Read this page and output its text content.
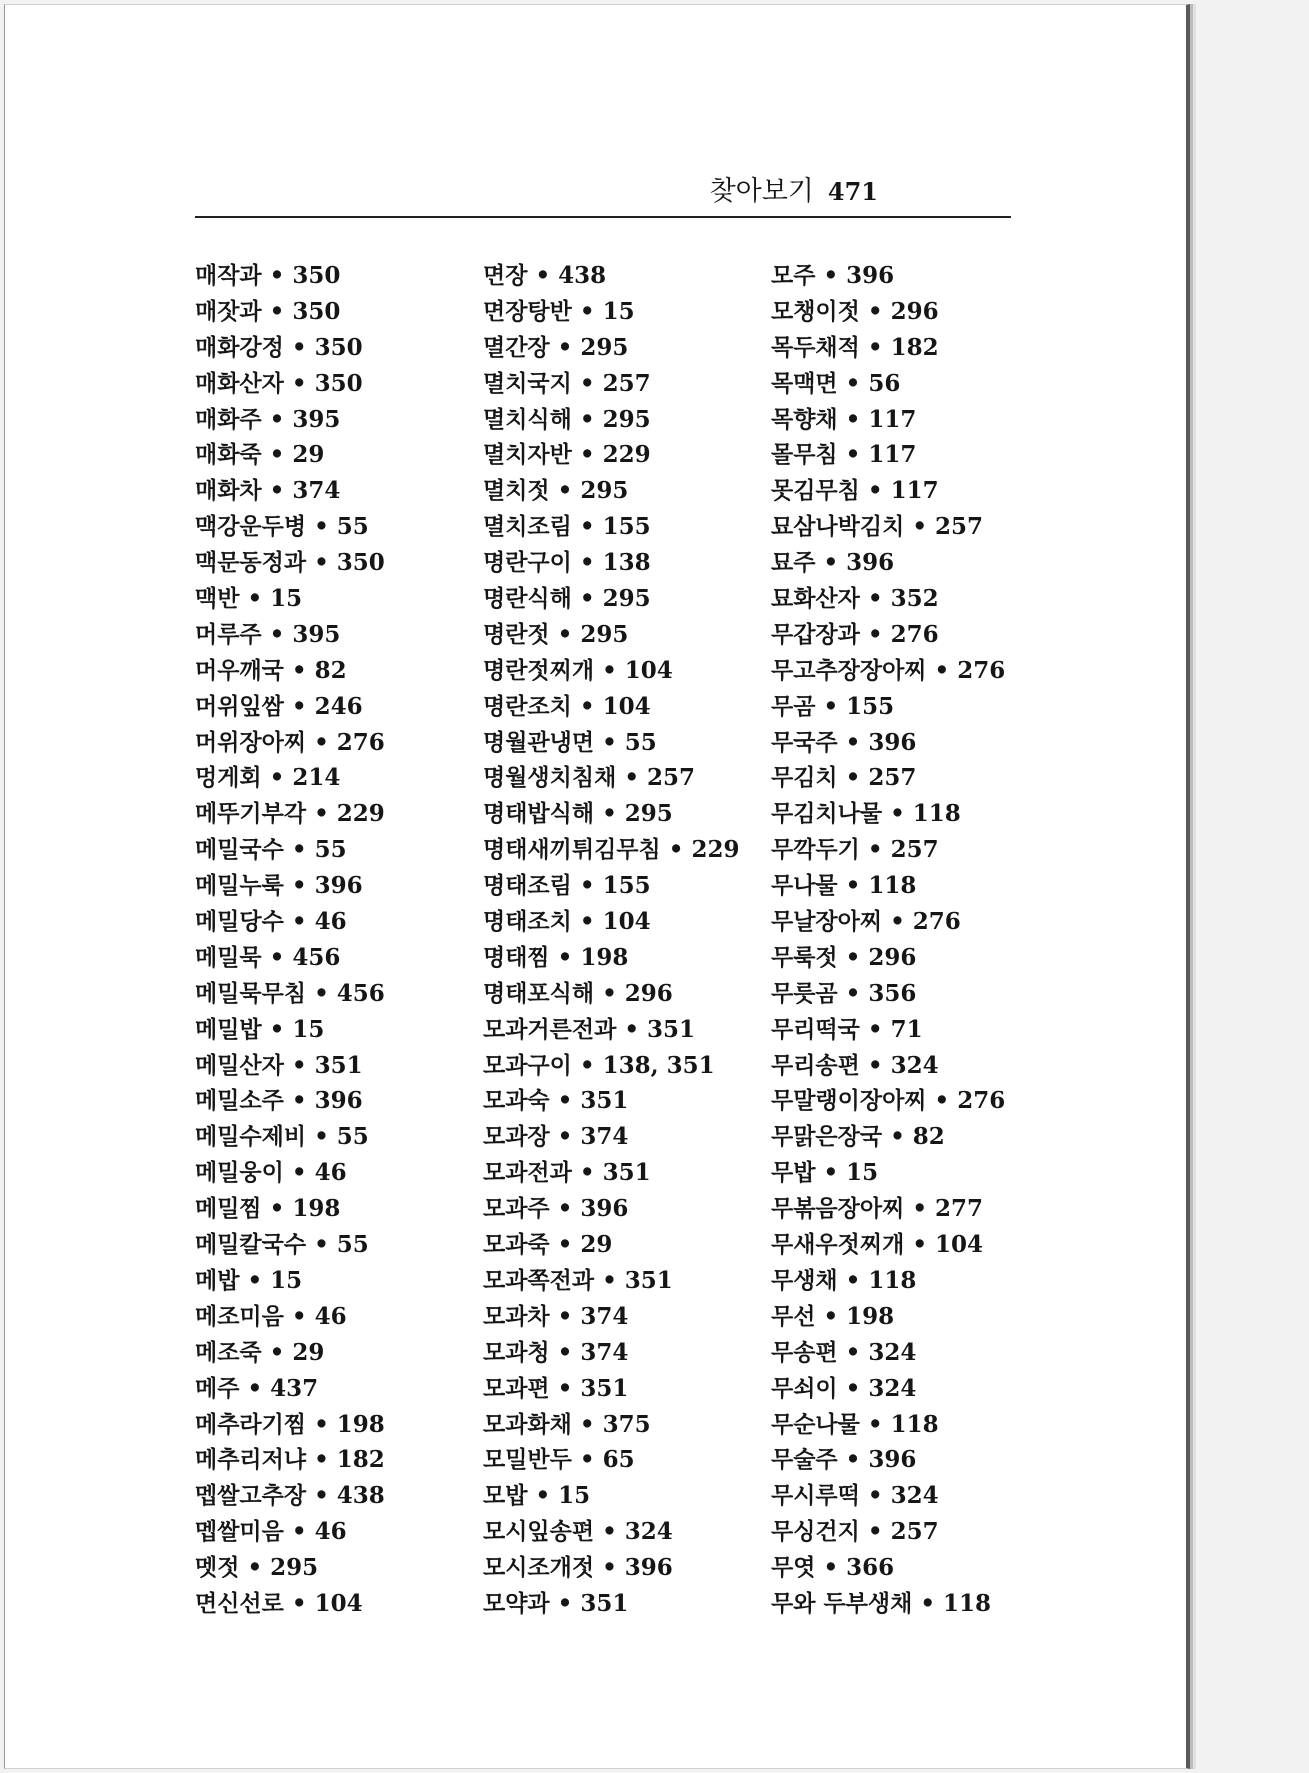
찾아보기 471
매작과 • 350
매잣과 • 350
매화강정 • 350
매화산자 • 350
매화주 • 395
매화죽 • 29
매화차 • 374
맥강운두병 • 55
맥문동정과 • 350
맥반 • 15
머루주 • 395
머우깨국 • 82
머위잎쌈 • 246
머위장아찌 • 276
멍게회 • 214
메뚜기부각 • 229
메밀국수 • 55
메밀누룩 • 396
메밀당수 • 46
메밀묵 • 456
메밀묵무침 • 456
메밀밥 • 15
메밀산자 • 351
메밀소주 • 396
메밀수제비 • 55
메밀웅이 • 46
메밀찜 • 198
메밀칼국수 • 55
메밥 • 15
메조미음 • 46
메조죽 • 29
메주 • 437
메추라기찜 • 198
메추리저냐 • 182
멥쌀고추장 • 438
멥쌀미음 • 46
멧젓 • 295
면신선로 • 104
면장 • 438
면장탕반 • 15
멸간장 • 295
멸치국지 • 257
멸치식해 • 295
멸치자반 • 229
멸치젓 • 295
멸치조림 • 155
명란구이 • 138
명란식해 • 295
명란젓 • 295
명란젓찌개 • 104
명란조치 • 104
명월관냉면 • 55
명월생치침채 • 257
명태밥식해 • 295
명태새끼튀김무침 • 229
명태조림 • 155
명태조치 • 104
명태찜 • 198
명태포식해 • 296
모과거른전과 • 351
모과구이 • 138, 351
모과숙 • 351
모과장 • 374
모과전과 • 351
모과주 • 396
모과죽 • 29
모과쪽전과 • 351
모과차 • 374
모과청 • 374
모과편 • 351
모과화채 • 375
모밀반두 • 65
모밥 • 15
모시잎송편 • 324
모시조개젓 • 396
모약과 • 351
모주 • 396
모챙이젓 • 296
목두채적 • 182
목맥면 • 56
목향채 • 117
몰무침 • 117
못김무침 • 117
묘삼나박김치 • 257
묘주 • 396
묘화산자 • 352
무갑장과 • 276
무고추장장아찌 • 276
무곰 • 155
무국주 • 396
무김치 • 257
무김치나물 • 118
무깍두기 • 257
무나물 • 118
무날장아찌 • 276
무룩젓 • 296
무릇곰 • 356
무리떡국 • 71
무리송편 • 324
무말랭이장아찌 • 276
무맑은장국 • 82
무밥 • 15
무볶음장아찌 • 277
무새우젓찌개 • 104
무생채 • 118
무선 • 198
무송편 • 324
무쇠이 • 324
무순나물 • 118
무술주 • 396
무시루떡 • 324
무싱건지 • 257
무엿 • 366
무와 두부생채 • 118
